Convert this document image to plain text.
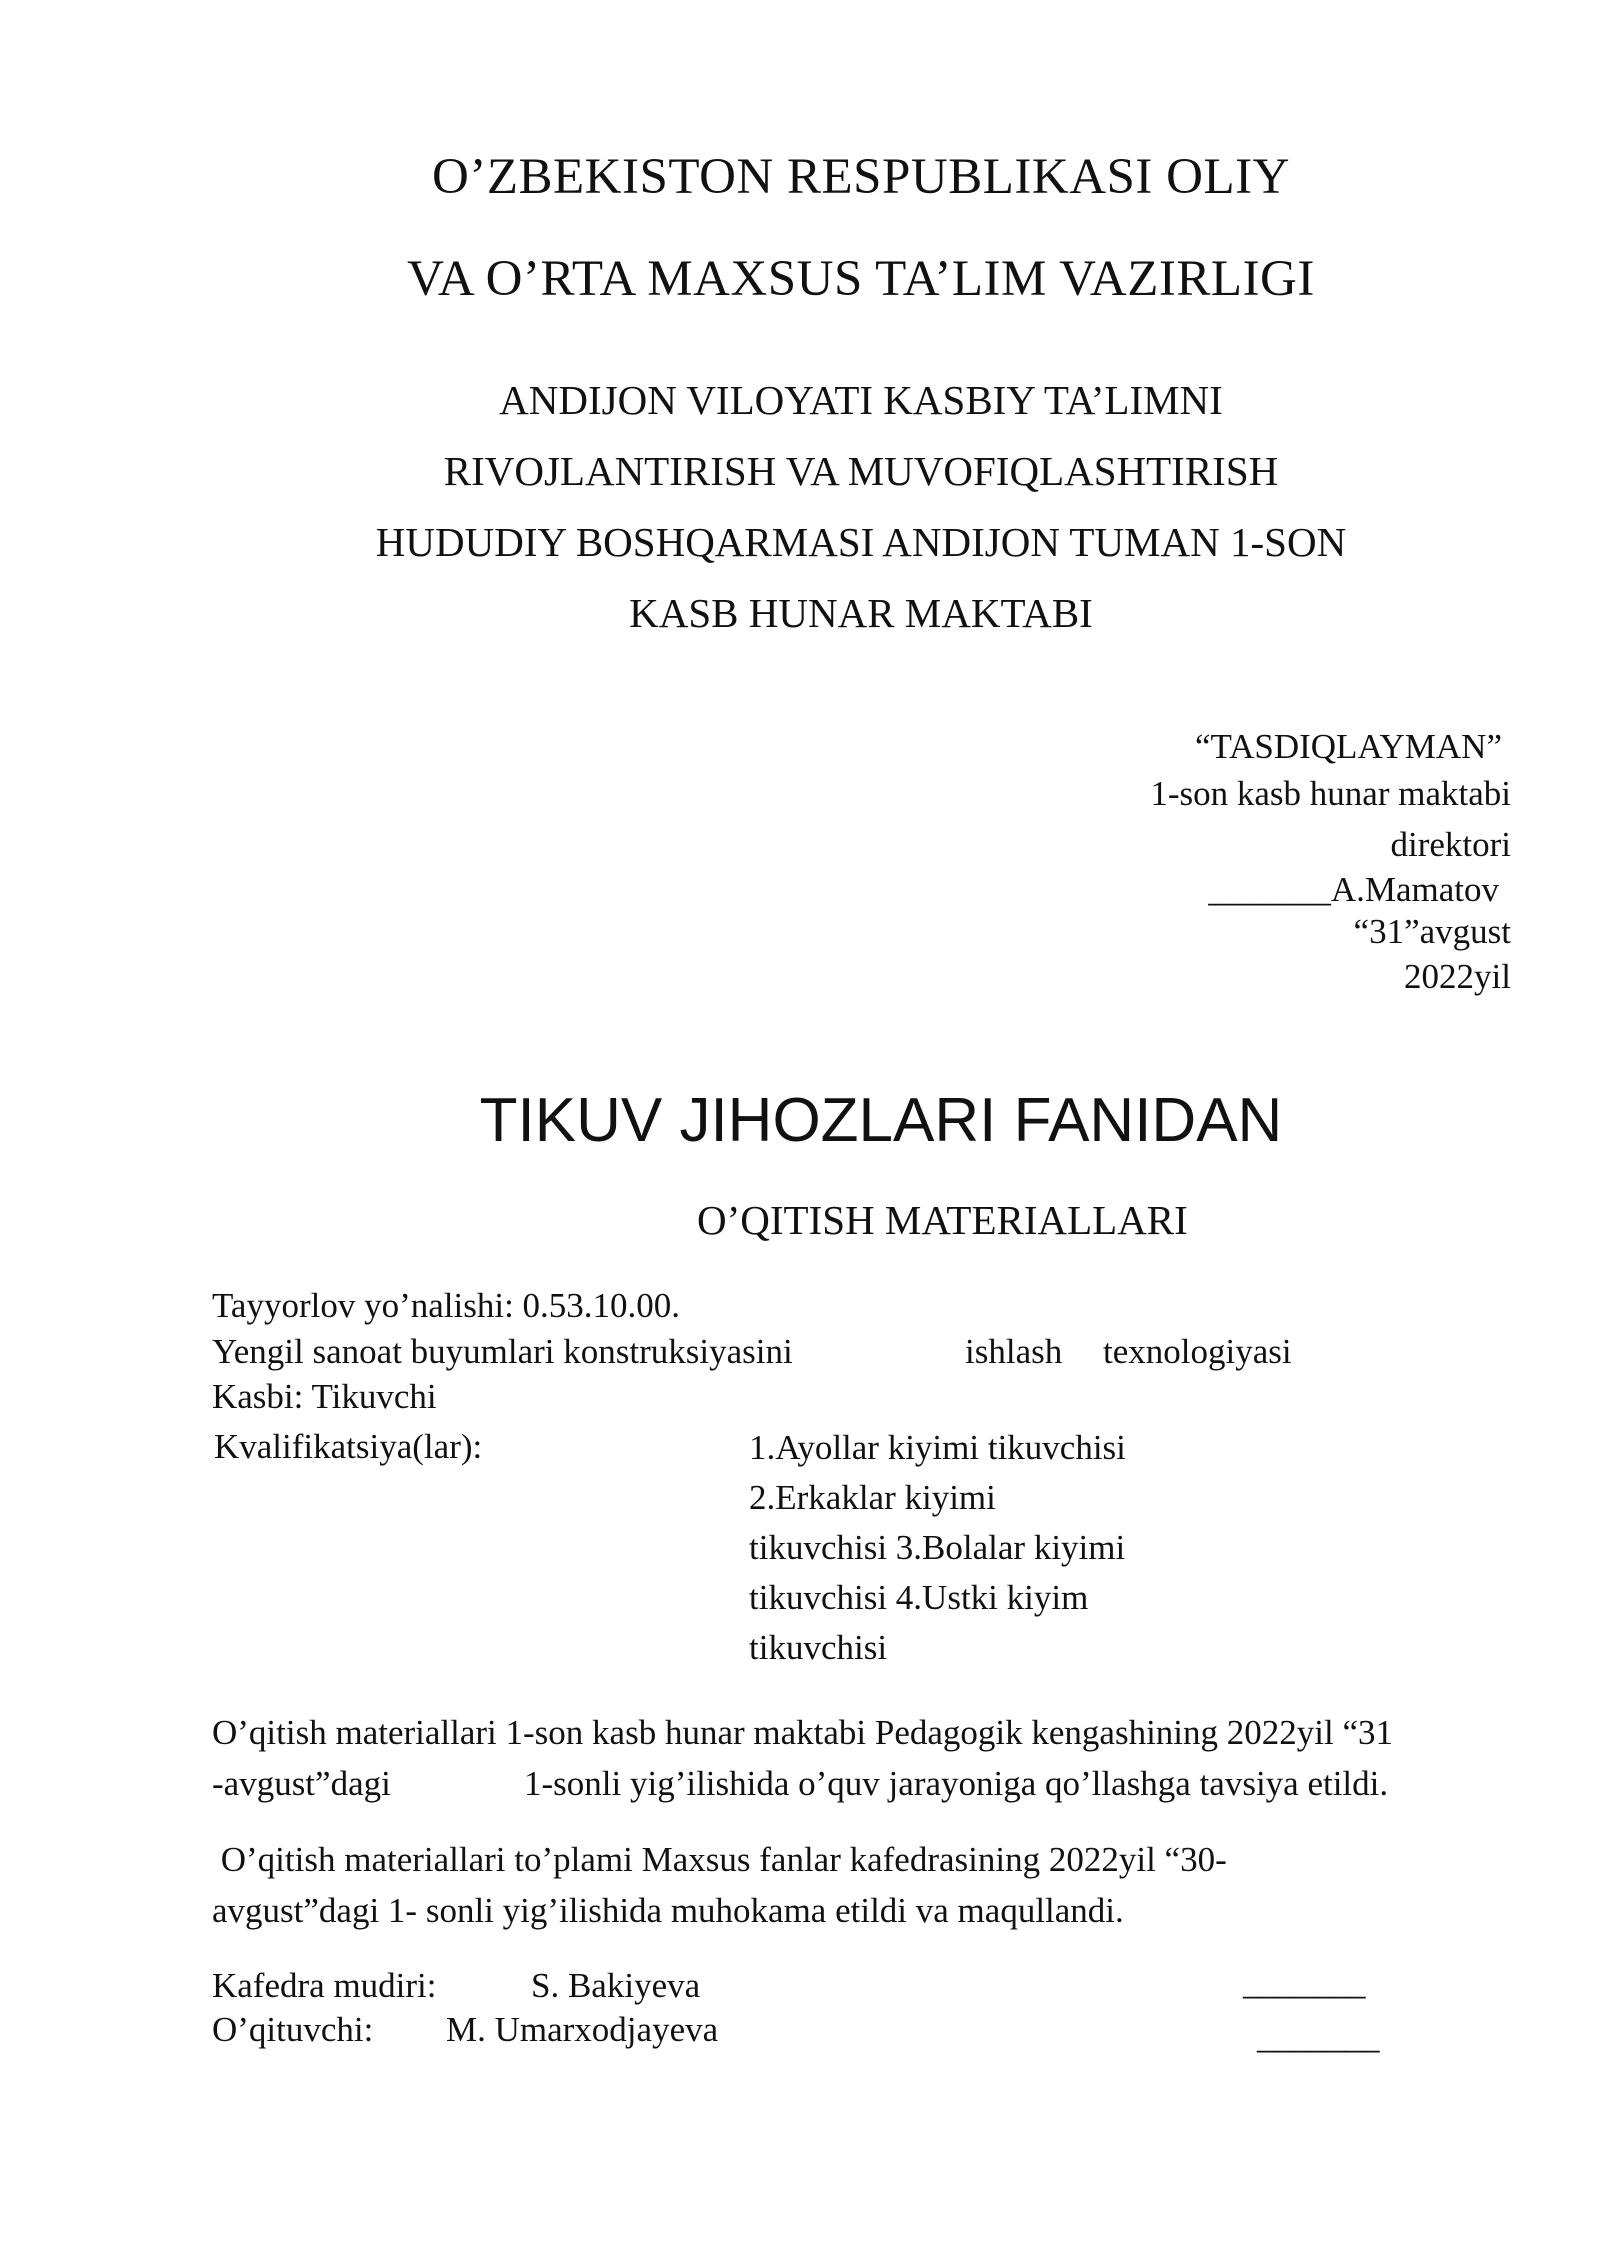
O’ZBEKISTON RESPUBLIKASI OLIY
VA O’RTA MAXSUS TA’LIM VAZIRLIGI
ANDIJON VILOYATI KASBIY TA’LIMNI
RIVOJLANTIRISH VA MUVOFIQLASHTIRISH
HUDUDIY BOSHQARMASI ANDIJON TUMAN 1-SON
KASB HUNAR MAKTABI
“TASDIQLAYMAN”
1-son kasb hunar maktabi
direktori
_______A.Mamatov
“31”avgust
2022yil
TIKUV JIHOZLARI FANIDAN
O’QITISH MATERIALLARI
Tayyorlov yo’nalishi: 0.53.10.00.
Yengil sanoat buyumlari konstruksiyasini	ishlash texnologiyasi
Kasbi: Tikuvchi
Kvalifikatsiya(lar):	1.Ayollar kiyimi tikuvchisi
2.Erkaklar kiyimi
tikuvchisi 3.Bolalar kiyimi
tikuvchisi 4.Ustki kiyim
tikuvchisi
O’qitish materiallari 1-son kasb hunar maktabi Pedagogik kengashining 2022yil “31
-avgust”dagi	1-sonli yig’ilishida o’quv jarayoniga qo’llashga tavsiya etildi.
O’qitish materiallari to’plami Maxsus fanlar kafedrasining 2022yil “30-
avgust”dagi 1- sonli yig’ilishida muhokama etildi va maqullandi.
Kafedra mudiri:	S. Bakiyeva	_______
O’qituvchi: M. Umarxodjayeva	_______
